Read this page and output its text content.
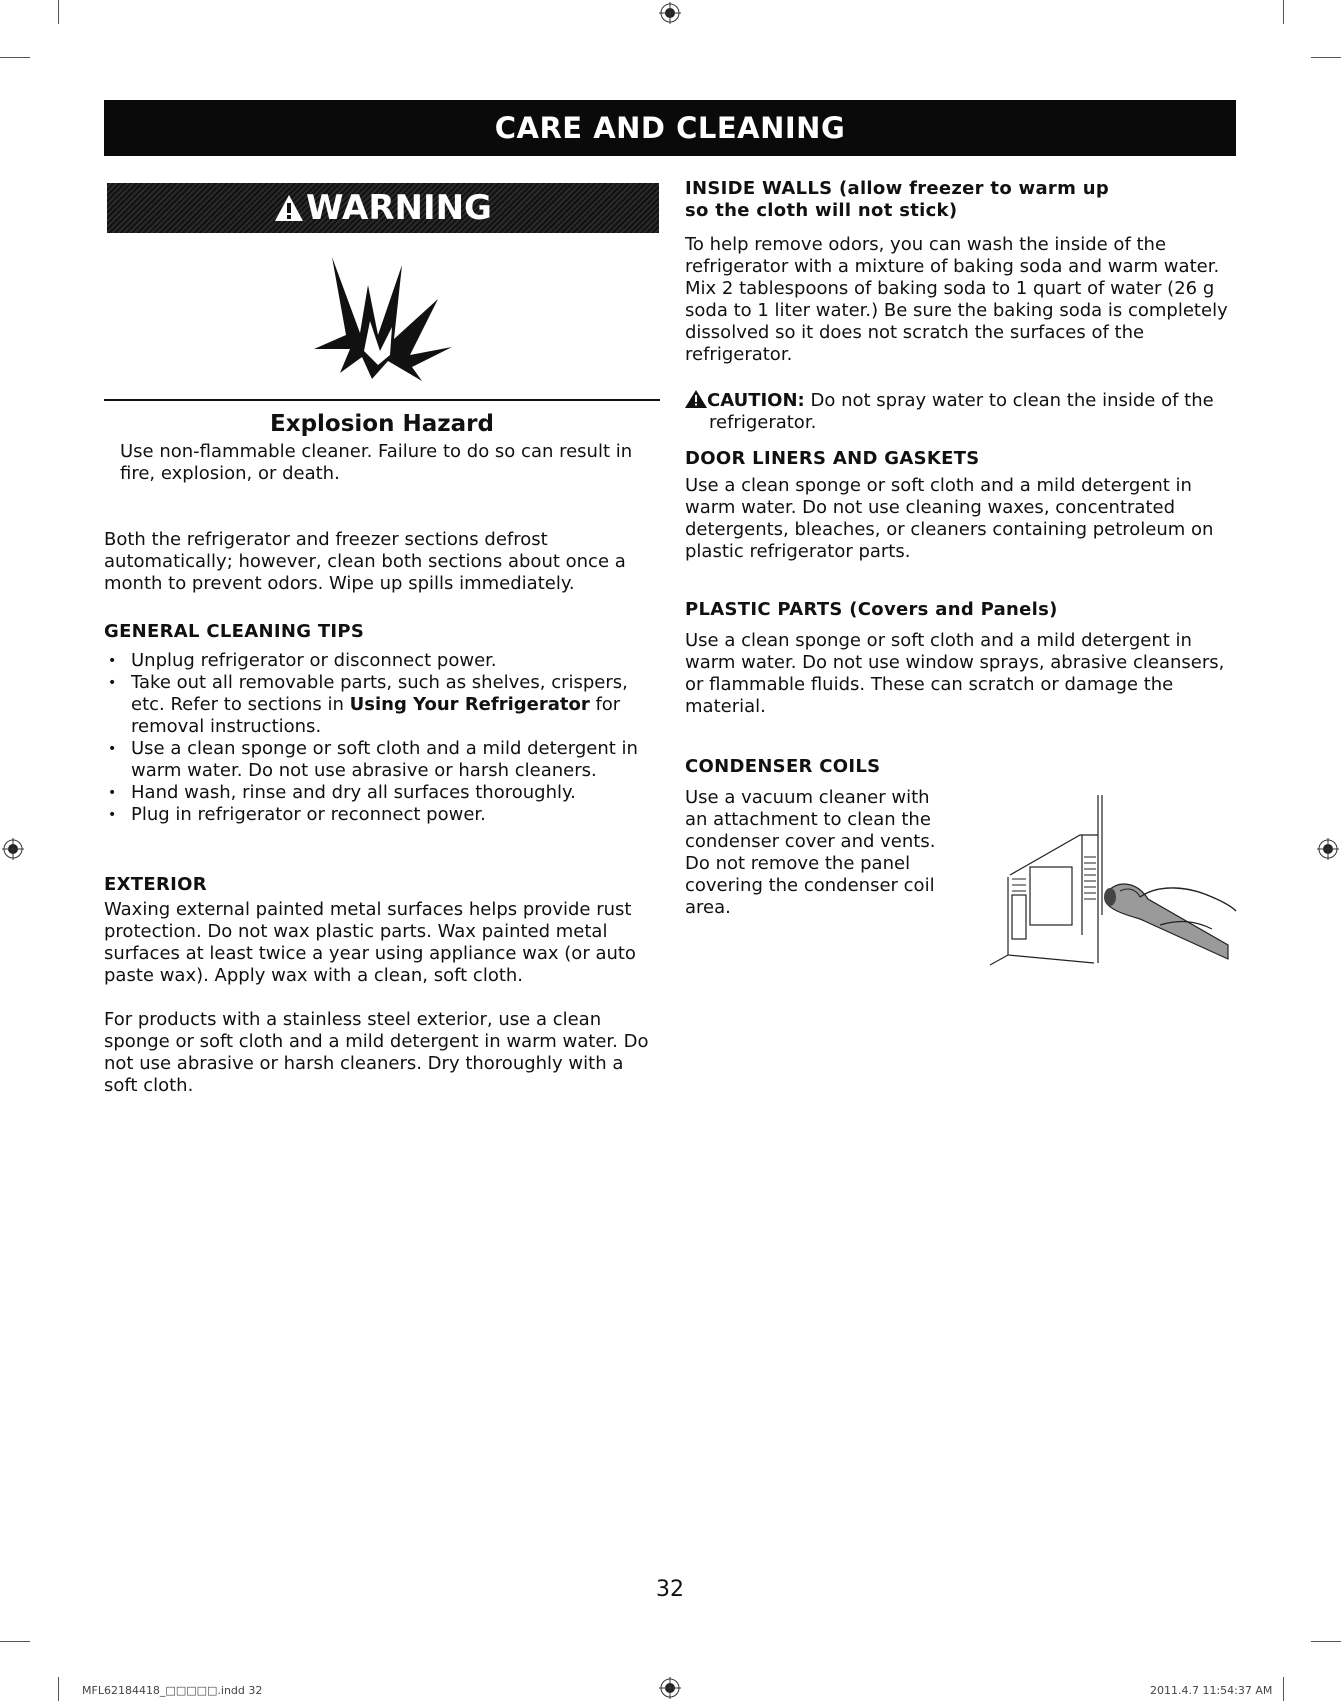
CARE AND CLEANING
WARNING
Explosion Hazard

Use non-flammable cleaner. Failure to do so can result in fire, explosion, or death.

Both the refrigerator and freezer sections defrost automatically; however, clean both sections about once a month to prevent odors. Wipe up spills immediately.

GENERAL CLEANING TIPS
• Unplug refrigerator or disconnect power.
• Take out all removable parts, such as shelves, crispers, etc. Refer to sections in Using Your Refrigerator for removal instructions.
• Use a clean sponge or soft cloth and a mild detergent in warm water. Do not use abrasive or harsh cleaners.
• Hand wash, rinse and dry all surfaces thoroughly.
• Plug in refrigerator or reconnect power.
EXTERIOR

Waxing external painted metal surfaces helps provide rust protection. Do not wax plastic parts. Wax painted metal surfaces at least twice a year using appliance wax (or auto paste wax). Apply wax with a clean, soft cloth.

For products with a stainless steel exterior, use a clean sponge or soft cloth and a mild detergent in warm water. Do not use abrasive or harsh cleaners. Dry thoroughly with a soft cloth.

INSIDE WALLS (allow freezer to warm up so the cloth will not stick)

To help remove odors, you can wash the inside of the refrigerator with a mixture of baking soda and warm water. Mix 2 tablespoons of baking soda to 1 quart of water (26 g soda to 1 liter water.) Be sure the baking soda is completely dissolved so it does not scratch the surfaces of the refrigerator.

CAUTION: Do not spray water to clean the inside of the refrigerator.

DOOR LINERS AND GASKETS

Use a clean sponge or soft cloth and a mild detergent in warm water. Do not use cleaning waxes, concentrated detergents, bleaches, or cleaners containing petroleum on plastic refrigerator parts.

PLASTIC PARTS (Covers and Panels)

Use a clean sponge or soft cloth and a mild detergent in warm water. Do not use window sprays, abrasive cleansers, or flammable fluids. These can scratch or damage the material.

CONDENSER COILS

Use a vacuum cleaner with an attachment to clean the condenser cover and vents. Do not remove the panel covering the condenser coil area.

32
MFL62184418_□□□□□.indd 32	2011.4.7 11:54:37 AM
